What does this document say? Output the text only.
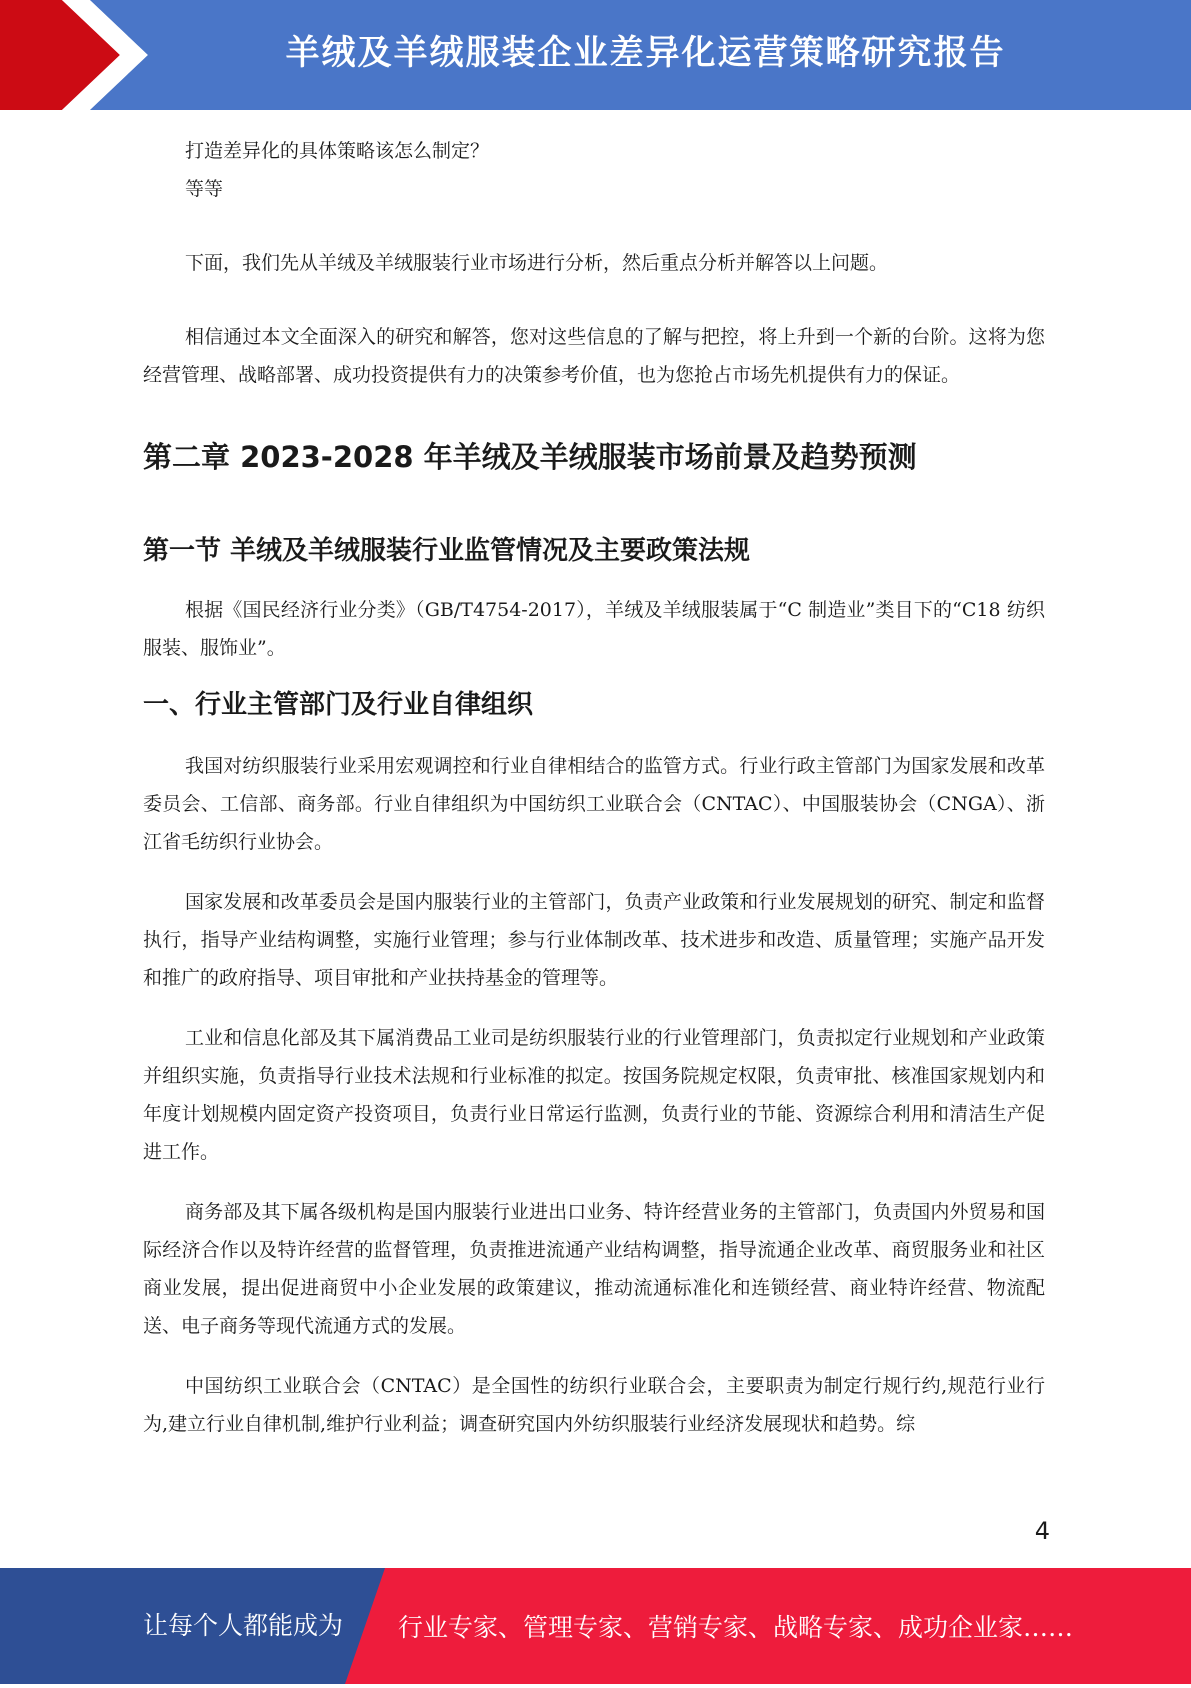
羊绒及羊绒服装企业差异化运营策略研究报告

打造差异化的具体策略该怎么制定？

等等

下面，我们先从羊绒及羊绒服装行业市场进行分析，然后重点分析并解答以上问题。

相信通过本文全面深入的研究和解答，您对这些信息的了解与把控，将上升到一个新的台阶。这将为您经营管理、战略部署、成功投资提供有力的决策参考价值，也为您抢占市场先机提供有力的保证。

第二章 2023-2028 年羊绒及羊绒服装市场前景及趋势预测
第一节 羊绒及羊绒服装行业监管情况及主要政策法规

根据《国民经济行业分类》（GB/T4754-2017），羊绒及羊绒服装属于“C 制造业”类目下的“C18 纺织服装、服饰业”。

一、行业主管部门及行业自律组织

我国对纺织服装行业采用宏观调控和行业自律相结合的监管方式。行业行政主管部门为国家发展和改革委员会、工信部、商务部。行业自律组织为中国纺织工业联合会（CNTAC）、中国服装协会（CNGA）、浙江省毛纺织行业协会。

国家发展和改革委员会是国内服装行业的主管部门，负责产业政策和行业发展规划的研究、制定和监督执行，指导产业结构调整，实施行业管理；参与行业体制改革、技术进步和改造、质量管理；实施产品开发和推广的政府指导、项目审批和产业扶持基金的管理等。

工业和信息化部及其下属消费品工业司是纺织服装行业的行业管理部门，负责拟定行业规划和产业政策并组织实施，负责指导行业技术法规和行业标准的拟定。按国务院规定权限，负责审批、核准国家规划内和年度计划规模内固定资产投资项目，负责行业日常运行监测，负责行业的节能、资源综合利用和清洁生产促进工作。

商务部及其下属各级机构是国内服装行业进出口业务、特许经营业务的主管部门，负责国内外贸易和国际经济合作以及特许经营的监督管理，负责推进流通产业结构调整，指导流通企业改革、商贸服务业和社区商业发展，提出促进商贸中小企业发展的政策建议，推动流通标准化和连锁经营、商业特许经营、物流配送、电子商务等现代流通方式的发展。

中国纺织工业联合会（CNTAC）是全国性的纺织行业联合会，主要职责为制定行规行约,规范行业行为,建立行业自律机制,维护行业利益；调查研究国内外纺织服装行业经济发展现状和趋势。综

4
让每个人都能成为 行业专家、管理专家、营销专家、战略专家、成功企业家……
